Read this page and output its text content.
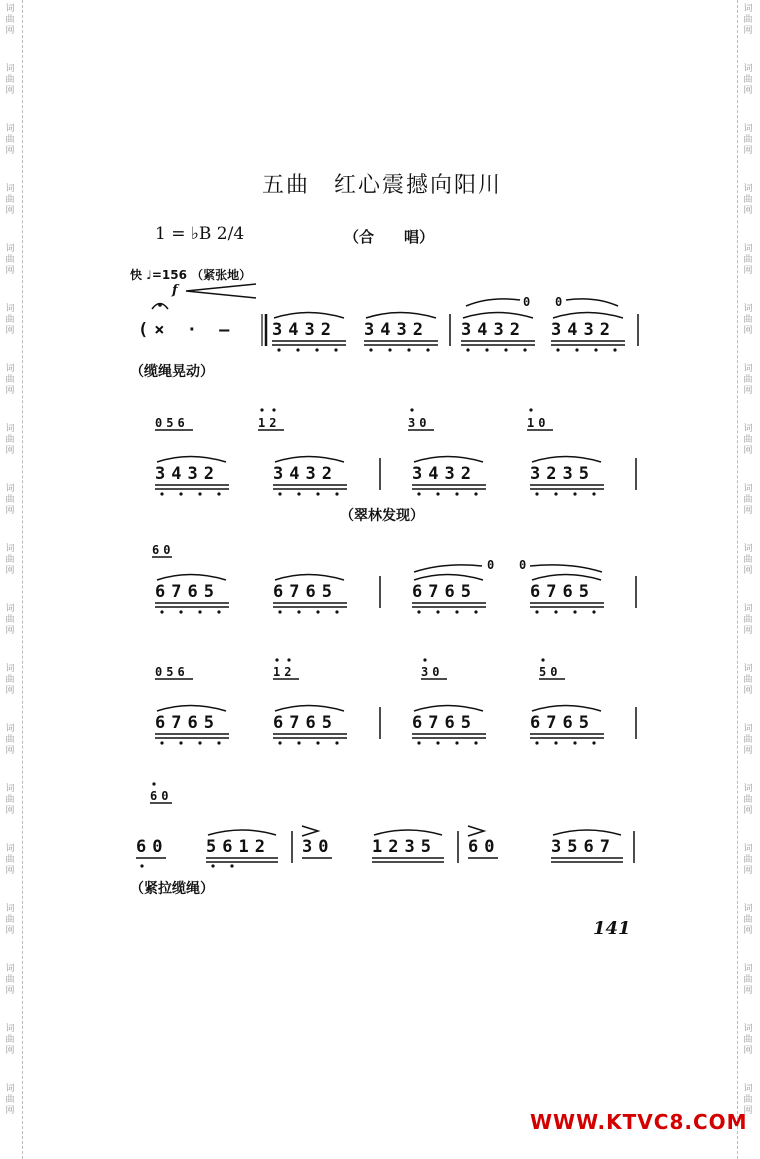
词曲网
词曲网
词曲网
词曲网
词曲网
词曲网
词曲网
词曲网
词曲网
词曲网
词曲网
词曲网
词曲网
词曲网
词曲网
词曲网
词曲网
词曲网
词曲网
词曲网
词曲网
词曲网
词曲网
词曲网
词曲网
词曲网
词曲网
词曲网
词曲网
词曲网
词曲网
词曲网
词曲网
词曲网
词曲网
词曲网
词曲网
词曲网
五曲　红心震撼向阳川
1 = ♭B 2/4	（合　　唱）
快 ♩=156 （紧张地）
f
(× · — 3432 3432 3432 3432
0 0
（缆绳晃动）
056	12	30	10
3432	3432	3432	3235
（翠林发现）
60
0 0
6765	6765	6765	6765
056	12	30	50
6765	6765	6765	6765
60
60 5612 30 1235 60	3567
（紧拉缆绳）
141
WWW.KTVC8.COM
